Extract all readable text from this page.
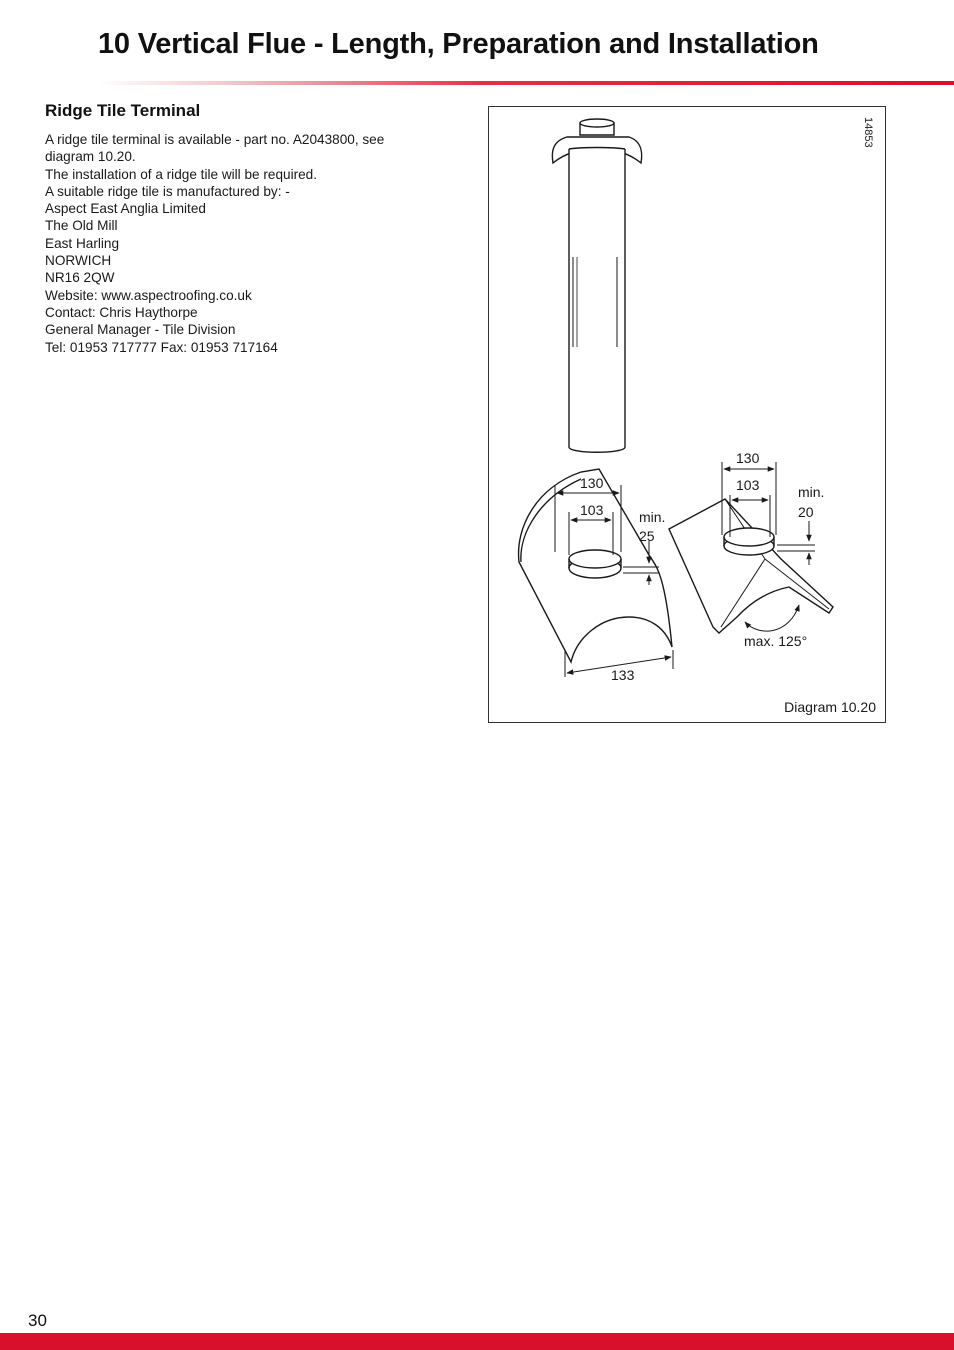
10 Vertical Flue - Length, Preparation and Installation
Ridge Tile Terminal
A ridge tile terminal is available - part no. A2043800, see
diagram 10.20.
The installation of a ridge tile will be required.
A suitable ridge tile is manufactured by: -
Aspect East Anglia Limited
The Old Mill
East Harling
NORWICH
NR16 2QW
Website: www.aspectroofing.co.uk
Contact: Chris Haythorpe
General Manager - Tile Division
Tel: 01953 717777 Fax: 01953 717164
130
103	min.
25
133
130
103	min.
20
max. 125°
14853
Diagram 10.20
30
